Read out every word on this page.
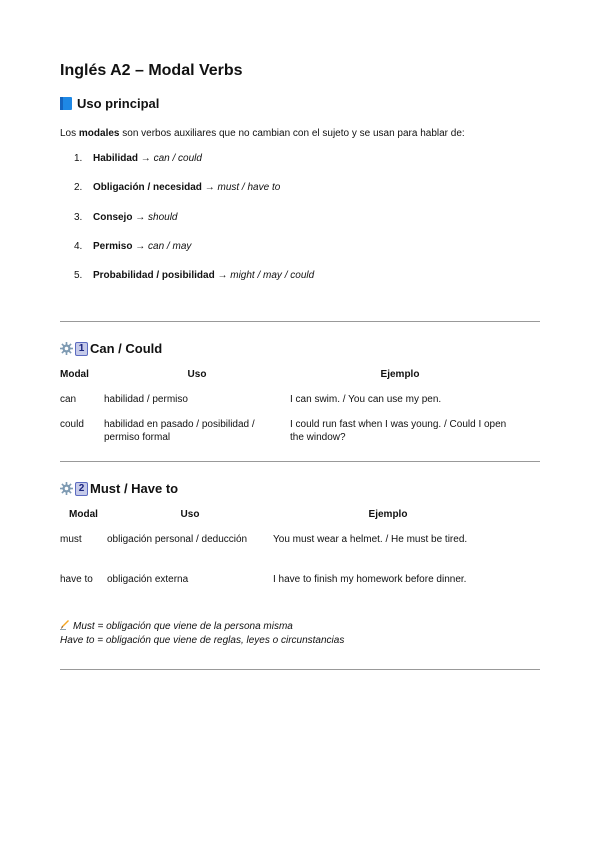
Inglés A2 – Modal Verbs
Uso principal

Los modales son verbos auxiliares que no cambian con el sujeto y se usan para hablar de:

1. Habilidad → can / could
2. Obligación / necesidad → must / have to
3. Consejo → should
4. Permiso → can / may
5. Probabilidad / posibilidad → might / may / could
1 Can / Could
Modal	Uso	Ejemplo
can	habilidad / permiso	I can swim. / You can use my pen.
could	habilidad en pasado / posibilidad / permiso formal	I could run fast when I was young. / Could I open the window?
2 Must / Have to
Modal	Uso	Ejemplo
must	obligación personal / deducción	You must wear a helmet. / He must be tired.
have to	obligación externa	I have to finish my homework before dinner.
Must = obligación que viene de la persona misma
Have to = obligación que viene de reglas, leyes o circunstancias
